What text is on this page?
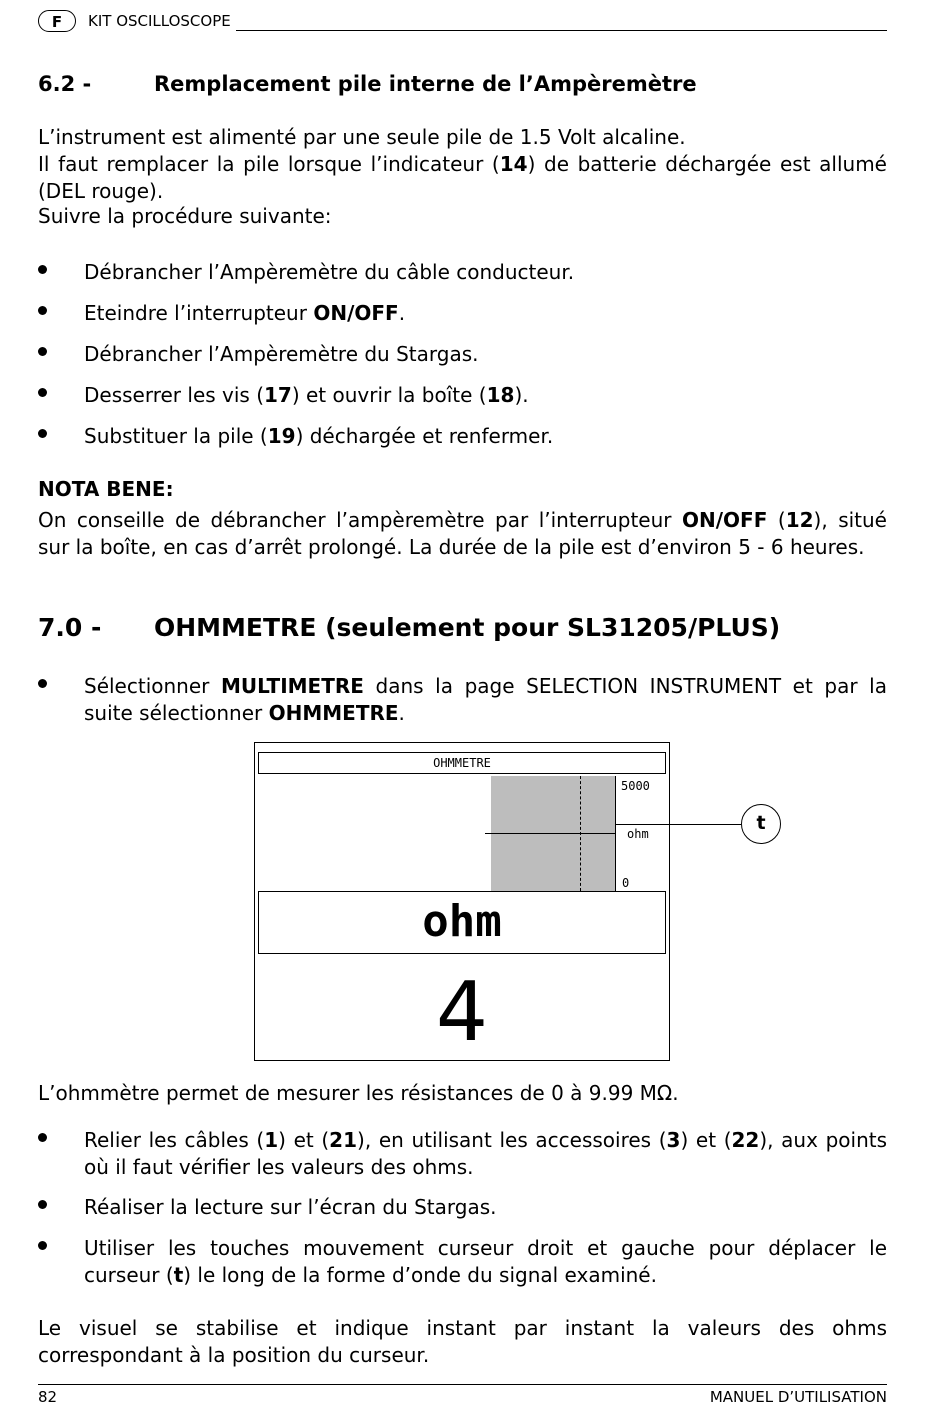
F	KIT OSCILLOSCOPE
6.2 -	Remplacement pile interne de l’Ampèremètre
L’instrument est alimenté par une seule pile de 1.5 Volt alcaline.
Il faut remplacer la pile lorsque l’indicateur (14) de batterie déchargée est allumé (DEL rouge).
Suivre la procédure suivante:
Débrancher l’Ampèremètre du câble conducteur.
Eteindre l’interrupteur ON/OFF.
Débrancher l’Ampèremètre du Stargas.
Desserrer les vis (17) et ouvrir la boîte (18).
Substituer la pile (19) déchargée et renfermer.
NOTA BENE:
On conseille de débrancher l’ampèremètre par l’interrupteur ON/OFF (12), situé sur la boîte, en cas d’arrêt prolongé. La durée de la pile est d’environ 5 - 6 heures.
7.0 - OHMMETRE (seulement pour SL31205/PLUS)
Sélectionner MULTIMETRE dans la page SELECTION INSTRUMENT et par la suite sélectionner OHMMETRE.
OHMMETRE
5000
ohm
0
ohm
4
t
L’ohmmètre permet de mesurer les résistances de 0 à 9.99 MΩ.
Relier les câbles (1) et (21), en utilisant les accessoires (3) et (22), aux points où il faut vérifier les valeurs des ohms.
Réaliser la lecture sur l’écran du Stargas.
Utiliser les touches mouvement curseur droit et gauche pour déplacer le curseur (t) le long de la forme d’onde du signal examiné.
Le visuel se stabilise et indique instant par instant la valeurs des ohms correspondant à la position du curseur.
82	MANUEL D’UTILISATION
